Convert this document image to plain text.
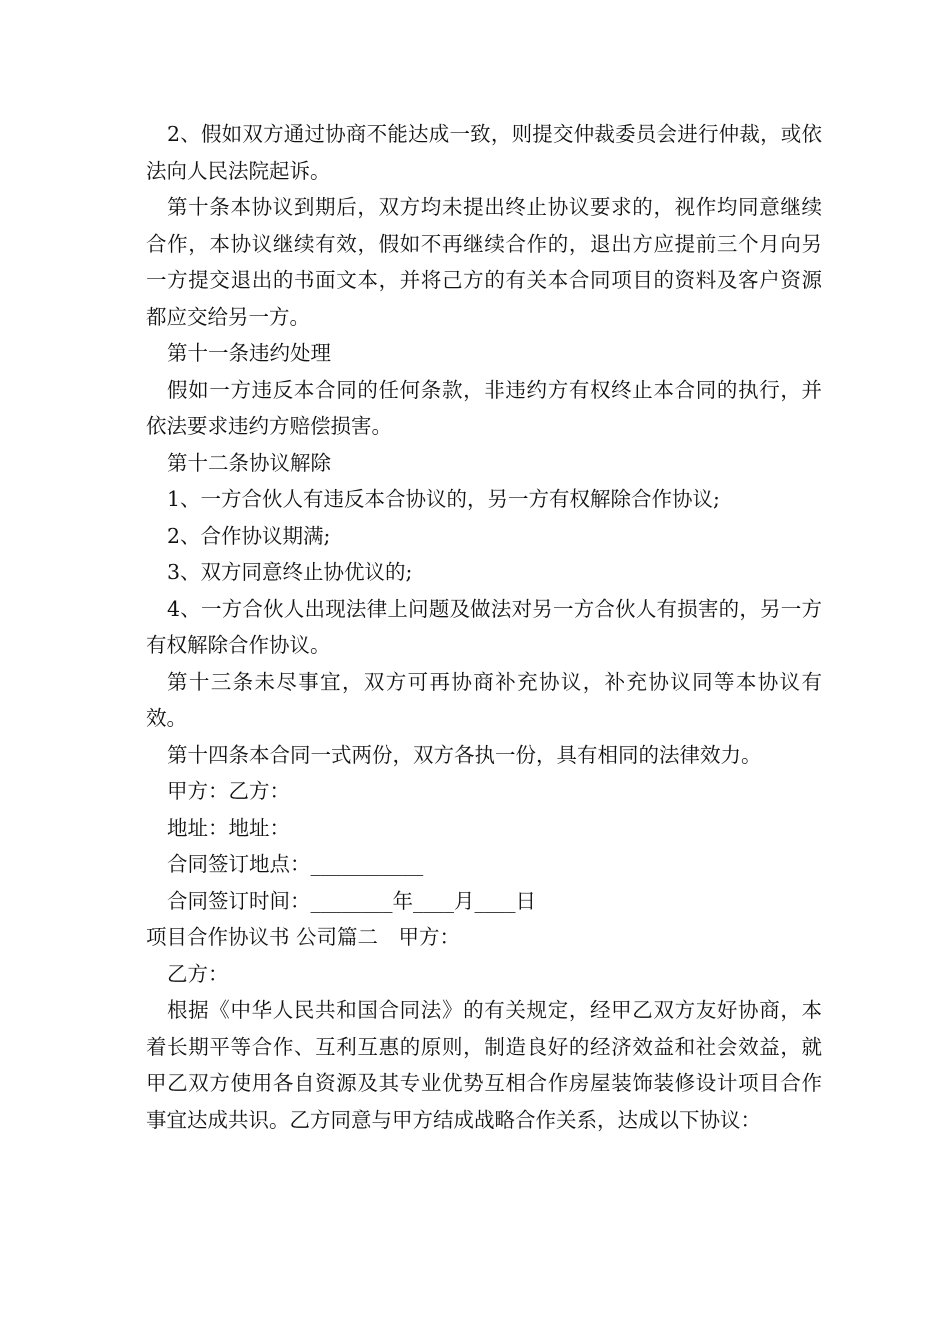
2、假如双方通过协商不能达成一致，则提交仲裁委员会进行仲裁，或依法向人民法院起诉。

第十条本协议到期后，双方均未提出终止协议要求的，视作均同意继续合作，本协议继续有效，假如不再继续合作的，退出方应提前三个月向另一方提交退出的书面文本，并将己方的有关本合同项目的资料及客户资源都应交给另一方。

第十一条违约处理

假如一方违反本合同的任何条款，非违约方有权终止本合同的执行，并依法要求违约方赔偿损害。

第十二条协议解除

1、一方合伙人有违反本合协议的，另一方有权解除合作协议;

2、合作协议期满;

3、双方同意终止协优议的;

4、一方合伙人出现法律上问题及做法对另一方合伙人有损害的，另一方有权解除合作协议。

第十三条未尽事宜，双方可再协商补充协议，补充协议同等本协议有效。

第十四条本合同一式两份，双方各执一份，具有相同的法律效力。

甲方：乙方：

地址：地址：

合同签订地点：___________

合同签订时间：________年____月____日

项目合作协议书 公司篇二　甲方：

乙方：

根据《中华人民共和国合同法》的有关规定，经甲乙双方友好协商，本着长期平等合作、互利互惠的原则，制造良好的经济效益和社会效益，就甲乙双方使用各自资源及其专业优势互相合作房屋装饰装修设计项目合作事宜达成共识。乙方同意与甲方结成战略合作关系，达成以下协议：
